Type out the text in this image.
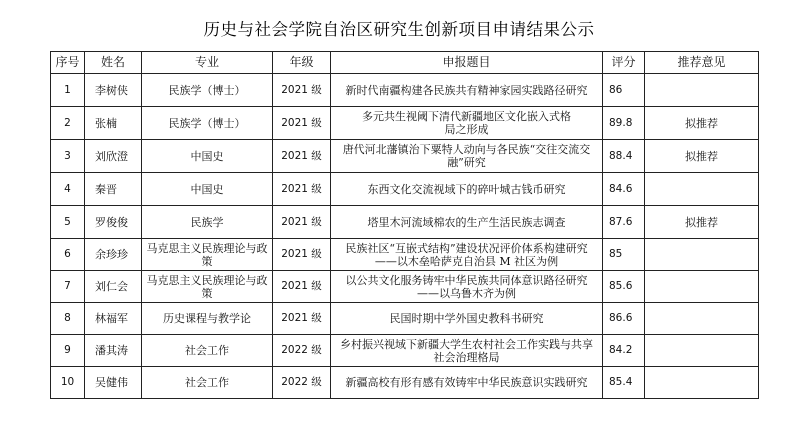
历史与社会学院自治区研究生创新项目申请结果公示
序号	姓名	专业	年级	申报题目	评分	推荐意见
1	李树侠	民族学（博士）	2021 级	新时代南疆构建各民族共有精神家园实践路径研究	86	
2	张楠	民族学（博士）	2021 级	多元共生视阈下清代新疆地区文化嵌入式格局之形成	89.8	拟推荐
3	刘欣澄	中国史	2021 级	唐代河北藩镇治下粟特人动向与各民族“交往交流交融”研究	88.4	拟推荐
4	秦晋	中国史	2021 级	东西文化交流视域下的碎叶城古钱币研究	84.6	
5	罗俊俊	民族学	2021 级	塔里木河流域棉农的生产生活民族志调查	87.6	拟推荐
6	余珍珍	马克思主义民族理论与政策	2021 级	民族社区“互嵌式结构”建设状况评价体系构建研究——以木垒哈萨克自治县 M 社区为例	85	
7	刘仁会	马克思主义民族理论与政策	2021 级	以公共文化服务铸牢中华民族共同体意识路径研究——以乌鲁木齐为例	85.6	
8	林福军	历史课程与教学论	2021 级	民国时期中学外国史教科书研究	86.6	
9	潘其涛	社会工作	2022 级	乡村振兴视域下新疆大学生农村社会工作实践与共享社会治理格局	84.2	
10	吴健伟	社会工作	2022 级	新疆高校有形有感有效铸牢中华民族意识实践研究	85.4	
